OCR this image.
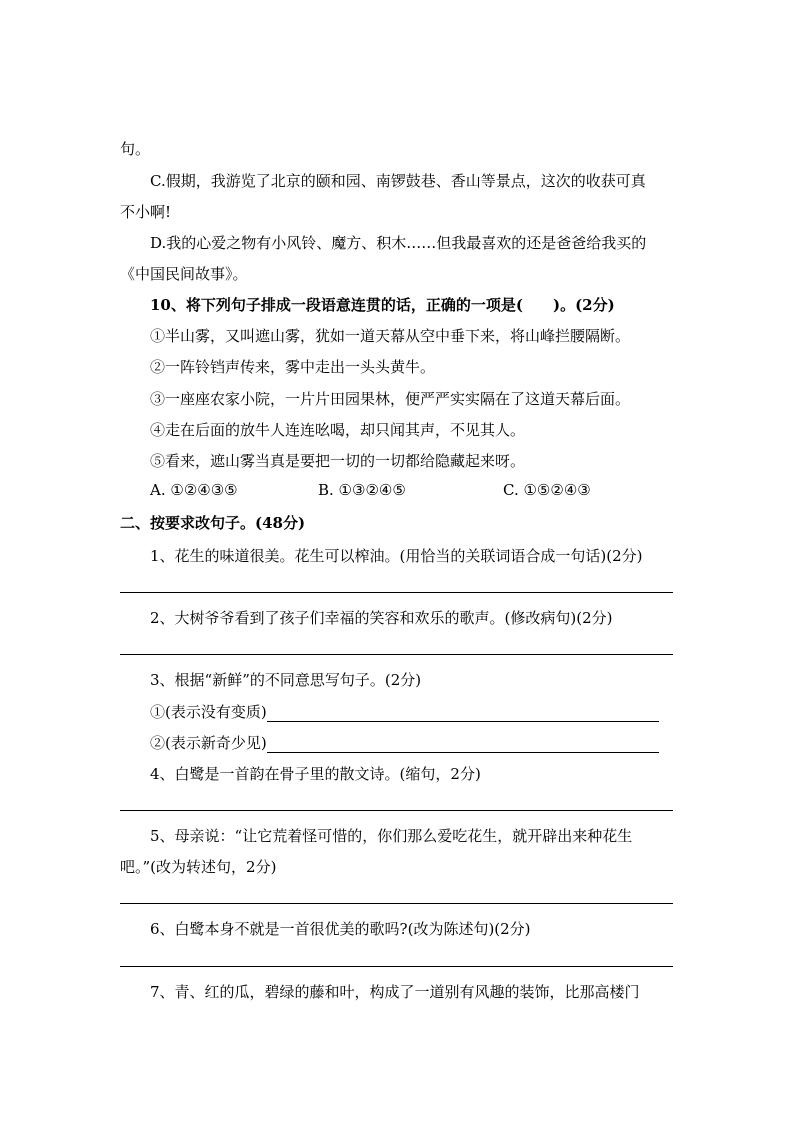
句。
C.假期，我游览了北京的颐和园、南锣鼓巷、香山等景点，这次的收获可真
不小啊!
D.我的心爱之物有小风铃、魔方、积木……但我最喜欢的还是爸爸给我买的
《中国民间故事》。
10、将下列句子排成一段语意连贯的话，正确的一项是(　　)。(2分)
①半山雾，又叫遮山雾，犹如一道天幕从空中垂下来，将山峰拦腰隔断。
②一阵铃铛声传来，雾中走出一头头黄牛。
③一座座农家小院，一片片田园果林，便严严实实隔在了这道天幕后面。
④走在后面的放牛人连连吆喝，却只闻其声，不见其人。
⑤看来，遮山雾当真是要把一切的一切都给隐藏起来呀。
A. ①②④③⑤	B. ①③②④⑤	C. ①⑤②④③
二、按要求改句子。(48分)
1、花生的味道很美。花生可以榨油。(用恰当的关联词语合成一句话)(2分)
2、大树爷爷看到了孩子们幸福的笑容和欢乐的歌声。(修改病句)(2分)
3、根据“新鲜”的不同意思写句子。(2分)
①(表示没有变质)
②(表示新奇少见)
4、白鹭是一首韵在骨子里的散文诗。(缩句，2分)
5、母亲说：“让它荒着怪可惜的，你们那么爱吃花生，就开辟出来种花生
吧。”(改为转述句，2分)
6、白鹭本身不就是一首很优美的歌吗?(改为陈述句)(2分)
7、青、红的瓜，碧绿的藤和叶，构成了一道别有风趣的装饰，比那高楼门
